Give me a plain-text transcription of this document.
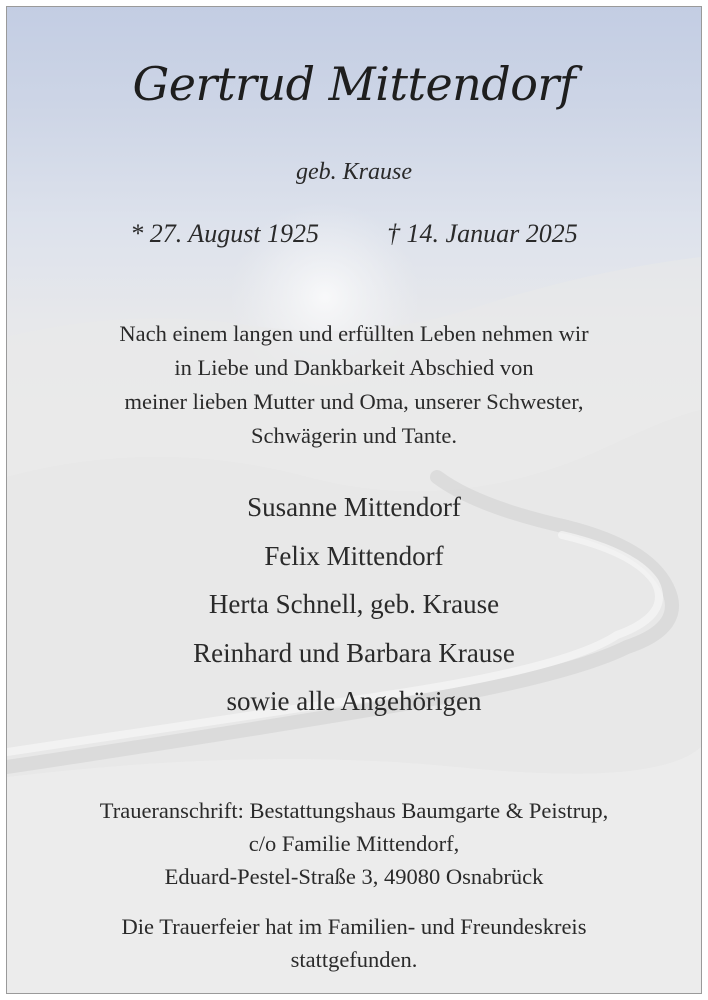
Gertrud Mittendorf
geb. Krause
* 27. August 1925	† 14. Januar 2025
Nach einem langen und erfüllten Leben nehmen wir
in Liebe und Dankbarkeit Abschied von
meiner lieben Mutter und Oma, unserer Schwester,
Schwägerin und Tante.
Susanne Mittendorf
Felix Mittendorf
Herta Schnell, geb. Krause
Reinhard und Barbara Krause
sowie alle Angehörigen
Traueranschrift: Bestattungshaus Baumgarte & Peistrup,
c/o Familie Mittendorf,
Eduard-Pestel-Straße 3, 49080 Osnabrück
Die Trauerfeier hat im Familien- und Freundeskreis
stattgefunden.
